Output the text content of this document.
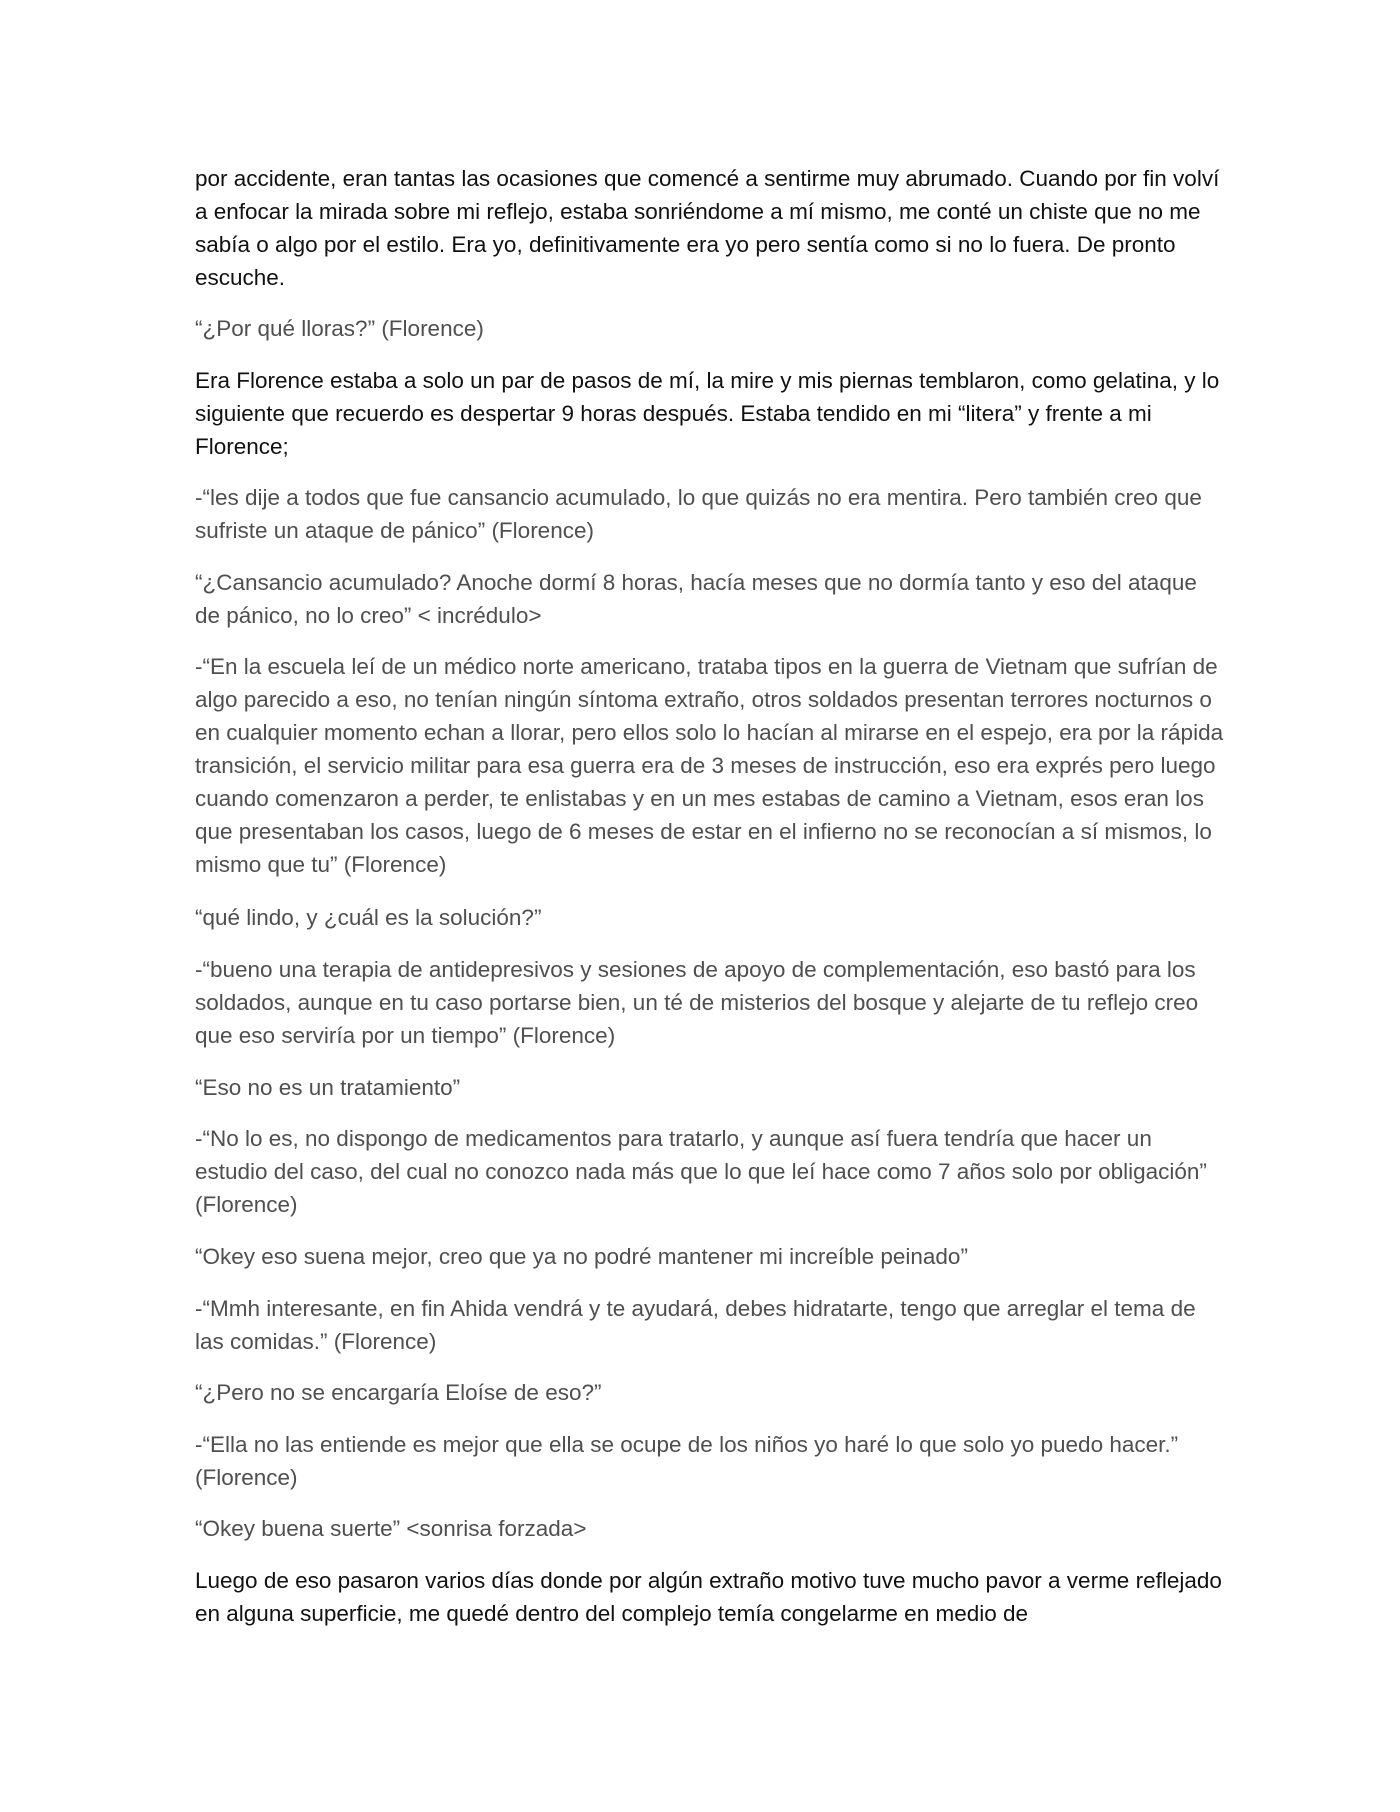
por accidente, eran tantas las ocasiones que comencé a sentirme muy abrumado. Cuando por fin volví a enfocar la mirada sobre mi reflejo, estaba sonriéndome a mí mismo, me conté un chiste que no me sabía o algo por el estilo. Era yo, definitivamente era yo pero sentía como si no lo fuera. De pronto escuche.

“¿Por qué lloras?” (Florence)

Era Florence estaba a solo un par de pasos de mí, la mire y mis piernas temblaron, como gelatina, y lo siguiente que recuerdo es despertar 9 horas después. Estaba tendido en mi “litera” y frente a mi Florence;

-“les dije a todos que fue cansancio acumulado, lo que quizás no era mentira. Pero también creo que sufriste un ataque de pánico” (Florence)

“¿Cansancio acumulado? Anoche dormí 8 horas, hacía meses que no dormía tanto y eso del ataque de pánico, no lo creo” < incrédulo>

-“En la escuela leí de un médico norte americano, trataba tipos en la guerra de Vietnam que sufrían de algo parecido a eso, no tenían ningún síntoma extraño, otros soldados presentan terrores nocturnos o en cualquier momento echan a llorar, pero ellos solo lo hacían al mirarse en el espejo, era por la rápida transición, el servicio militar para esa guerra era de 3 meses de instrucción, eso era exprés pero luego cuando comenzaron a perder, te enlistabas y en un mes estabas de camino a Vietnam, esos eran los que presentaban los casos, luego de 6 meses de estar en el infierno no se reconocían a sí mismos, lo mismo que tu” (Florence)

“qué lindo, y ¿cuál es la solución?”

-“bueno una terapia de antidepresivos y sesiones de apoyo de complementación, eso bastó para los soldados, aunque en tu caso portarse bien, un té de misterios del bosque y alejarte de tu reflejo creo que eso serviría por un tiempo” (Florence)

“Eso no es un tratamiento”

-“No lo es, no dispongo de medicamentos para tratarlo, y aunque así fuera tendría que hacer un estudio del caso, del cual no conozco nada más que lo que leí hace como 7 años solo por obligación” (Florence)

“Okey eso suena mejor, creo que ya no podré mantener mi increíble peinado”

-“Mmh interesante, en fin Ahida vendrá y te ayudará, debes hidratarte, tengo que arreglar el tema de las comidas.” (Florence)

“¿Pero no se encargaría Eloíse de eso?”

-“Ella no las entiende es mejor que ella se ocupe de los niños yo haré lo que solo yo puedo hacer.” (Florence)

“Okey buena suerte” <sonrisa forzada>

Luego de eso pasaron varios días donde por algún extraño motivo tuve mucho pavor a verme reflejado en alguna superficie, me quedé dentro del complejo temía congelarme en medio de
